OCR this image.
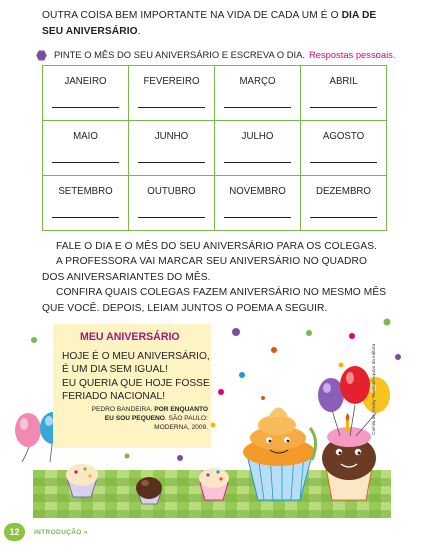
OUTRA COISA BEM IMPORTANTE NA VIDA DE CADA UM É O DIA DE SEU ANIVERSÁRIO.
PINTE O MÊS DO SEU ANIVERSÁRIO E ESCREVA O DIA. Respostas pessoais.
JANEIRO	FEVEREIRO	MARÇO	ABRIL

MAIO	JUNHO	JULHO	AGOSTO

SETEMBRO	OUTUBRO	NOVEMBRO	DEZEMBRO

FALE O DIA E O MÊS DO SEU ANIVERSÁRIO PARA OS COLEGAS.

A PROFESSORA VAI MARCAR SEU ANIVERSÁRIO NO QUADRO DOS ANIVERSARIANTES DO MÊS.

CONFIRA QUAIS COLEGAS FAZEM ANIVERSÁRIO NO MESMO MÊS QUE VOCÊ. DEPOIS, LEIAM JUNTOS O POEMA A SEGUIR.

MEU ANIVERSÁRIO
HOJE É O MEU ANIVERSÁRIO,
É UM DIA SEM IGUAL!
EU QUERIA QUE HOJE FOSSE
FERIADO NACIONAL!
PEDRO BANDEIRA. POR ENQUANTO EU SOU PEQUENO. SÃO PAULO: MODERNA, 2009.	Camila de Godoy Teixeira/Arquivo da editora
12	INTRODUÇÃO »
